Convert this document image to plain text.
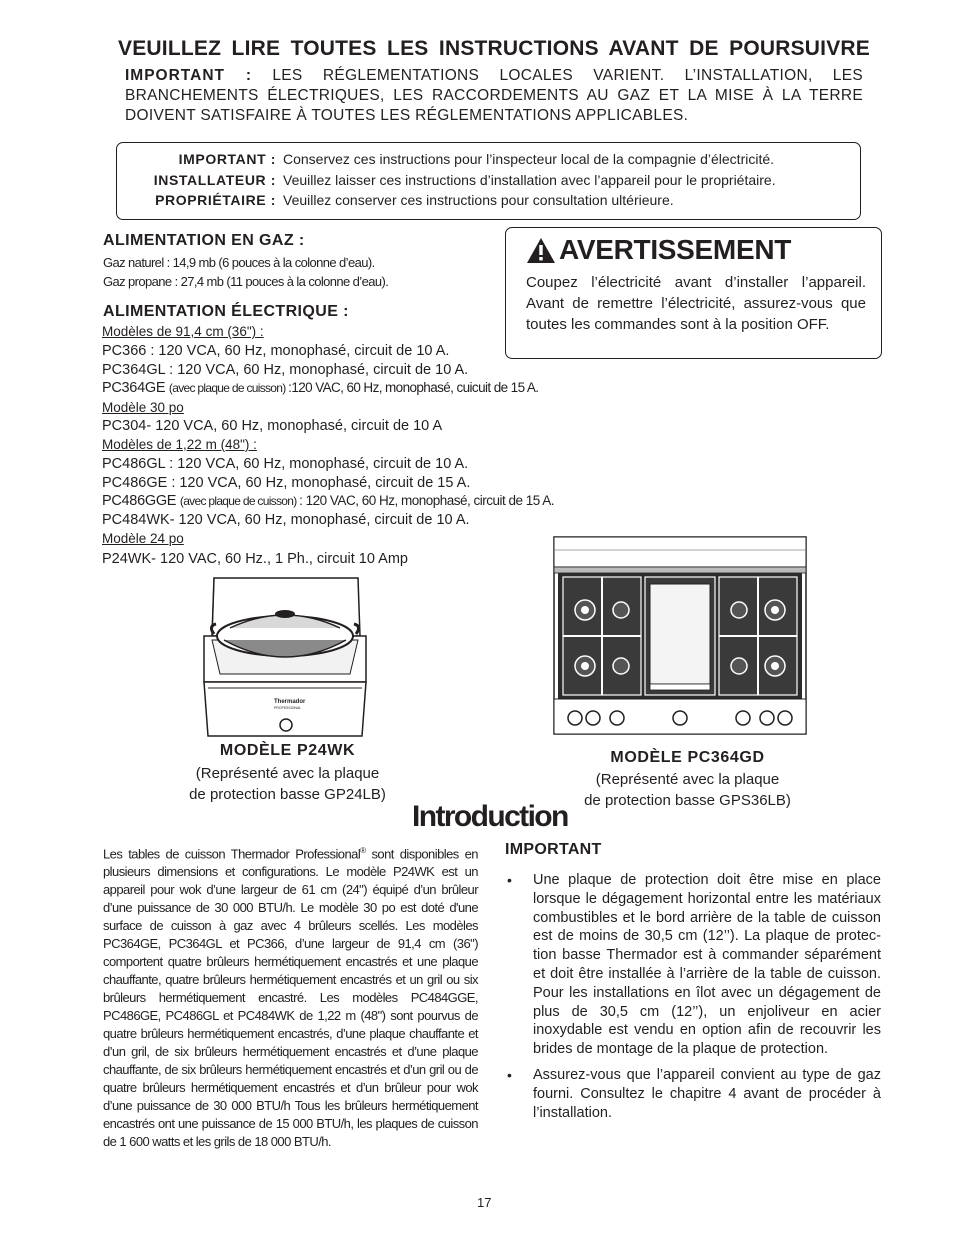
VEUILLEZ LIRE TOUTES LES INSTRUCTIONS AVANT DE POURSUIVRE
IMPORTANT : LES RÉGLEMENTATIONS LOCALES VARIENT. L’INSTALLATION, LES BRANCHEMENTS ÉLECTRIQUES, LES RACCORDEMENTS AU GAZ ET LA MISE À LA TERRE DOIVENT SATISFAIRE À TOUTES LES RÉGLEMENTATIONS APPLICABLES.
IMPORTANT : Conservez ces instructions pour l’inspecteur local de la compagnie d’électricité.
INSTALLATEUR : Veuillez laisser ces instructions d’installation avec l’appareil pour le propriétaire.
PROPRIÉTAIRE : Veuillez conserver ces instructions pour consultation ultérieure.
ALIMENTATION EN GAZ :
Gaz naturel : 14,9 mb (6 pouces à la colonne d’eau).
Gaz propane : 27,4 mb (11 pouces à la colonne d’eau).
ALIMENTATION ÉLECTRIQUE :
Modèles de 91,4 cm (36") :
PC366 : 120 VCA, 60 Hz, monophasé, circuit de 10 A.
PC364GL : 120 VCA, 60 Hz, monophasé, circuit de 10 A.
PC364GE (avec plaque de cuisson) :120 VAC, 60 Hz, monophasé, cuicuit de 15 A.
Modèle 30 po
PC304- 120 VCA, 60 Hz, monophasé, circuit de 10 A
Modèles de 1,22 m (48") :
PC486GL : 120 VCA, 60 Hz, monophasé, circuit de 10 A.
PC486GE : 120 VCA, 60 Hz, monophasé, circuit de 15 A.
PC486GGE (avec plaque de cuisson) : 120 VAC, 60 Hz, monophasé, circuit de 15 A.
PC484WK- 120 VCA, 60 Hz, monophasé, circuit de 10 A.
Modèle 24 po
P24WK- 120 VAC, 60 Hz., 1 Ph., circuit 10 Amp
AVERTISSEMENT
Coupez l’électricité avant d’installer l’appareil. Avant de remettre l’électricité, assurez-vous que toutes les commandes sont à la position OFF.
Thermador
PROFESSIONAL
MODÈLE P24WK
(Représenté avec la plaque
de protection basse GP24LB)
MODÈLE PC364GD
(Représenté avec la plaque
de protection basse GPS36LB)
Introduction
Les tables de cuisson Thermador Professional® sont disponibles en plusieurs dimensions et configurations. Le modèle P24WK est un appareil pour wok d’une largeur de 61 cm (24") équipé d’un brûleur d’une puissance de 30 000 BTU/h. Le modèle 30 po est doté d'une surface de cuisson à gaz avec 4 brûleurs scellés. Les modèles PC364GE, PC364GL et PC366, d’une largeur de 91,4 cm (36") comportent quatre brûleurs hermétiquement encastrés et une plaque chauffante, quatre brûleurs hermétiquement encastrés et un gril ou six brûleurs hermétiquement encastré. Les modèles PC484GGE, PC486GE, PC486GL et PC484WK de 1,22 m (48") sont pourvus de quatre brûleurs hermétiquement encastrés, d’une plaque chauffante et d’un gril, de six brûleurs hermétiquement encastrés et d’une plaque chauffante, de six brûleurs hermétiquement encastrés et d’un gril ou de quatre brûleurs hermétiquement encastrés et d’un brûleur pour wok d’une puissance de 30 000 BTU/h Tous les brûleurs hermétiquement encastrés ont une puissance de 15 000 BTU/h, les plaques de cuisson de 1 600 watts et les grils de 18 000 BTU/h.
IMPORTANT
• Une plaque de protection doit être mise en place lorsque le dégagement horizontal entre les matériaux combustibles et le bord arrière de la table de cuisson est de moins de 30,5 cm (12’’). La plaque de protec-tion basse Thermador est à commander séparément et doit être installée à l’arrière de la table de cuisson. Pour les installations en îlot avec un dégagement de plus de 30,5 cm (12’’), un enjoliveur en acier inoxydable est vendu en option afin de recouvrir les brides de montage de la plaque de protection.
• Assurez-vous que l’appareil convient au type de gaz fourni. Consultez le chapitre 4 avant de procéder à l’installation.
17
